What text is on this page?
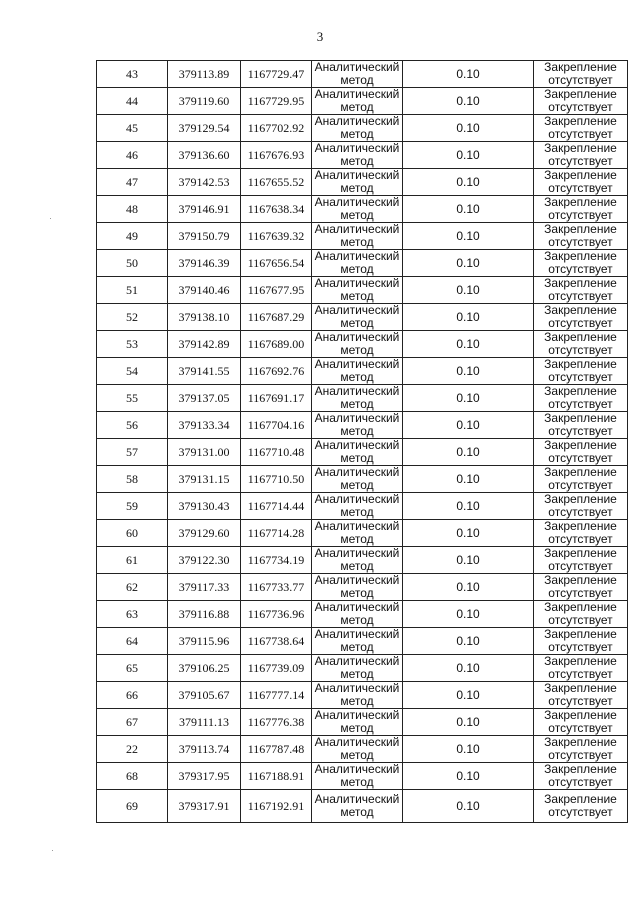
3
43	379113.89	1167729.47	Аналитический
метод	0.10	Закрепление
отсутствует

44	379119.60	1167729.95	Аналитический
метод	0.10	Закрепление
отсутствует

45	379129.54	1167702.92	Аналитический
метод	0.10	Закрепление
отсутствует

46	379136.60	1167676.93	Аналитический
метод	0.10	Закрепление
отсутствует

47	379142.53	1167655.52	Аналитический
метод	0.10	Закрепление
отсутствует

48	379146.91	1167638.34	Аналитический
метод	0.10	Закрепление
отсутствует

49	379150.79	1167639.32	Аналитический
метод	0.10	Закрепление
отсутствует

50	379146.39	1167656.54	Аналитический
метод	0.10	Закрепление
отсутствует

51	379140.46	1167677.95	Аналитический
метод	0.10	Закрепление
отсутствует

52	379138.10	1167687.29	Аналитический
метод	0.10	Закрепление
отсутствует

53	379142.89	1167689.00	Аналитический
метод	0.10	Закрепление
отсутствует

54	379141.55	1167692.76	Аналитический
метод	0.10	Закрепление
отсутствует

55	379137.05	1167691.17	Аналитический
метод	0.10	Закрепление
отсутствует

56	379133.34	1167704.16	Аналитический
метод	0.10	Закрепление
отсутствует

57	379131.00	1167710.48	Аналитический
метод	0.10	Закрепление
отсутствует

58	379131.15	1167710.50	Аналитический
метод	0.10	Закрепление
отсутствует

59	379130.43	1167714.44	Аналитический
метод	0.10	Закрепление
отсутствует

60	379129.60	1167714.28	Аналитический
метод	0.10	Закрепление
отсутствует

61	379122.30	1167734.19	Аналитический
метод	0.10	Закрепление
отсутствует

62	379117.33	1167733.77	Аналитический
метод	0.10	Закрепление
отсутствует

63	379116.88	1167736.96	Аналитический
метод	0.10	Закрепление
отсутствует

64	379115.96	1167738.64	Аналитический
метод	0.10	Закрепление
отсутствует

65	379106.25	1167739.09	Аналитический
метод	0.10	Закрепление
отсутствует

66	379105.67	1167777.14	Аналитический
метод	0.10	Закрепление
отсутствует

67	379111.13	1167776.38	Аналитический
метод	0.10	Закрепление
отсутствует

22	379113.74	1167787.48	Аналитический
метод	0.10	Закрепление
отсутствует

68	379317.95	1167188.91	Аналитический
метод	0.10	Закрепление
отсутствует

69	379317.91	1167192.91	Аналитический
метод	0.10	Закрепление
отсутствует
